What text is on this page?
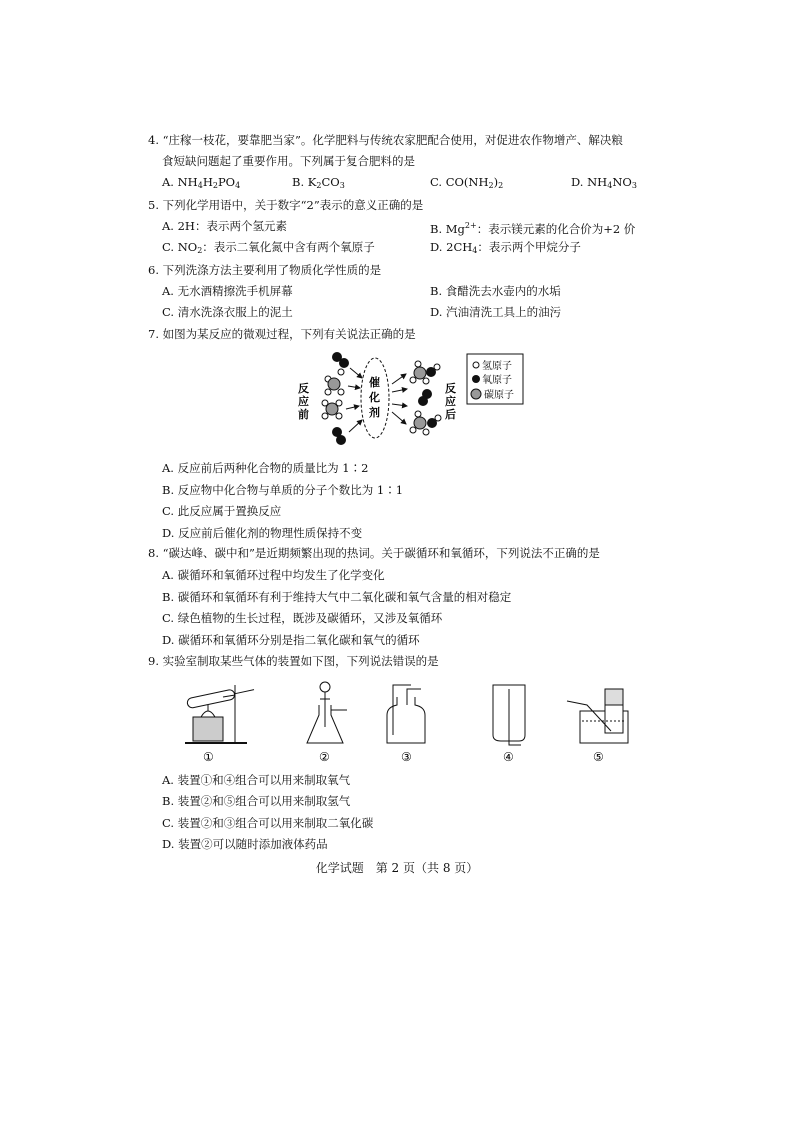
4. “庄稼一枝花，要靠肥当家”。化学肥料与传统农家肥配合使用，对促进农作物增产、解决粮
食短缺问题起了重要作用。下列属于复合肥料的是
A. $NH_4H_2PO_4$	B. $K_2CO_3$	C. $CO(NH_2)_2$	D. $NH_4NO_3$
5. 下列化学用语中，关于数字“2”表示的意义正确的是
A. 2H：表示两个氢元素	B. $Mg^{2+}$：表示镁元素的化合价为+2 价
C. $NO_2$：表示二氧化氮中含有两个氧原子	D. $2CH_4$：表示两个甲烷分子
6. 下列洗涤方法主要利用了物质化学性质的是
A. 无水酒精擦洗手机屏幕	B. 食醋洗去水壶内的水垢
C. 清水洗涤衣服上的泥土	D. 汽油清洗工具上的油污
7. 如图为某反应的微观过程，下列有关说法正确的是
反
应
前
催
化
剂
反
应
后
氢原子
氧原子
碳原子
A. 反应前后两种化合物的质量比为 1∶2
B. 反应物中化合物与单质的分子个数比为 1∶1
C. 此反应属于置换反应
D. 反应前后催化剂的物理性质保持不变
8. “碳达峰、碳中和”是近期频繁出现的热词。关于碳循环和氧循环，下列说法不正确的是
A. 碳循环和氧循环过程中均发生了化学变化
B. 碳循环和氧循环有利于维持大气中二氧化碳和氧气含量的相对稳定
C. 绿色植物的生长过程，既涉及碳循环，又涉及氧循环
D. 碳循环和氧循环分别是指二氧化碳和氧气的循环
9. 实验室制取某些气体的装置如下图，下列说法错误的是
①	②	③	④	⑤
A. 装置①和④组合可以用来制取氧气
B. 装置②和⑤组合可以用来制取氢气
C. 装置②和③组合可以用来制取二氧化碳
D. 装置②可以随时添加液体药品
化学试题　第 2 页（共 8 页）
